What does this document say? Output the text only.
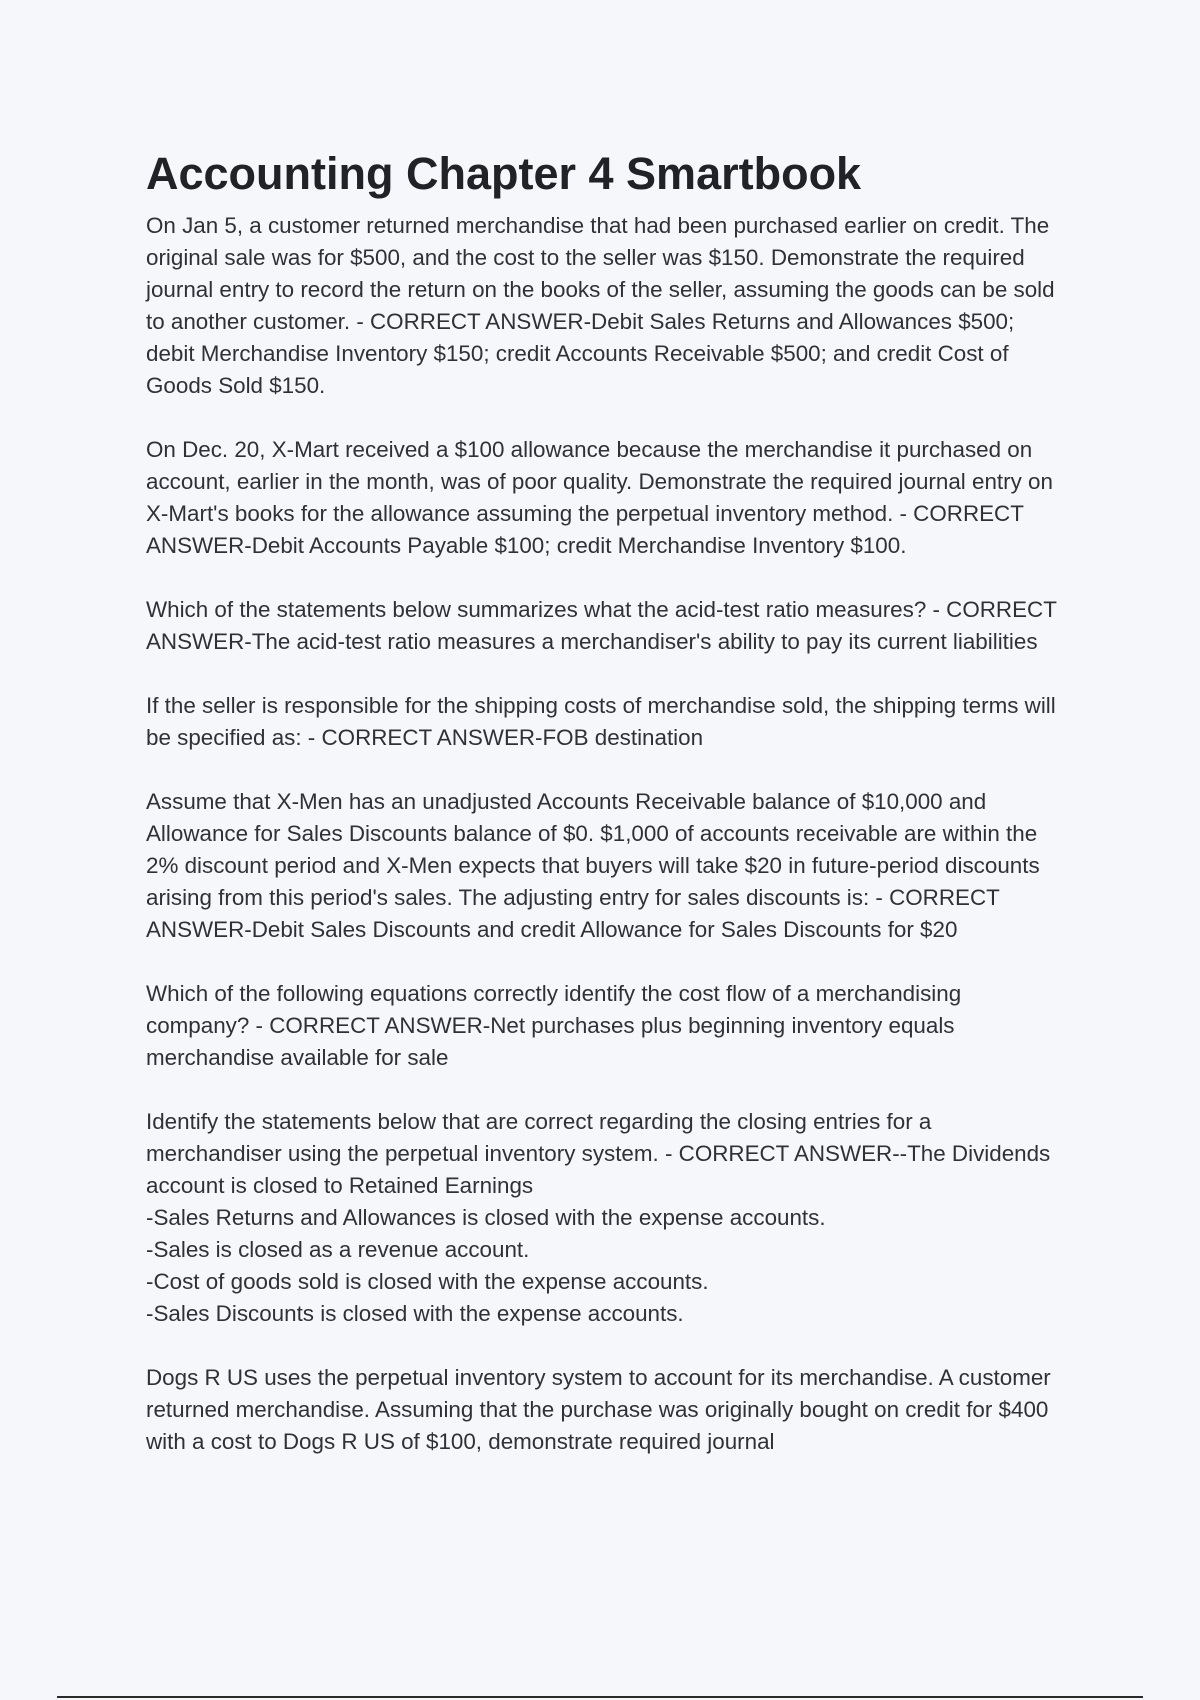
Accounting Chapter 4 Smartbook
On Jan 5, a customer returned merchandise that had been purchased earlier on credit. The original sale was for $500, and the cost to the seller was $150. Demonstrate the required journal entry to record the return on the books of the seller, assuming the goods can be sold to another customer. - CORRECT ANSWER-Debit Sales Returns and Allowances $500; debit Merchandise Inventory $150; credit Accounts Receivable $500; and credit Cost of Goods Sold $150.
On Dec. 20, X-Mart received a $100 allowance because the merchandise it purchased on account, earlier in the month, was of poor quality. Demonstrate the required journal entry on X-Mart's books for the allowance assuming the perpetual inventory method. - CORRECT ANSWER-Debit Accounts Payable $100; credit Merchandise Inventory $100.
Which of the statements below summarizes what the acid-test ratio measures? - CORRECT ANSWER-The acid-test ratio measures a merchandiser's ability to pay its current liabilities
If the seller is responsible for the shipping costs of merchandise sold, the shipping terms will be specified as: - CORRECT ANSWER-FOB destination
Assume that X-Men has an unadjusted Accounts Receivable balance of $10,000 and Allowance for Sales Discounts balance of $0. $1,000 of accounts receivable are within the 2% discount period and X-Men expects that buyers will take $20 in future-period discounts arising from this period's sales. The adjusting entry for sales discounts is: - CORRECT ANSWER-Debit Sales Discounts and credit Allowance for Sales Discounts for $20
Which of the following equations correctly identify the cost flow of a merchandising company? - CORRECT ANSWER-Net purchases plus beginning inventory equals merchandise available for sale
Identify the statements below that are correct regarding the closing entries for a merchandiser using the perpetual inventory system. - CORRECT ANSWER--The Dividends account is closed to Retained Earnings
-Sales Returns and Allowances is closed with the expense accounts.
-Sales is closed as a revenue account.
-Cost of goods sold is closed with the expense accounts.
-Sales Discounts is closed with the expense accounts.
Dogs R US uses the perpetual inventory system to account for its merchandise. A customer returned merchandise. Assuming that the purchase was originally bought on credit for $400 with a cost to Dogs R US of $100, demonstrate required journal
